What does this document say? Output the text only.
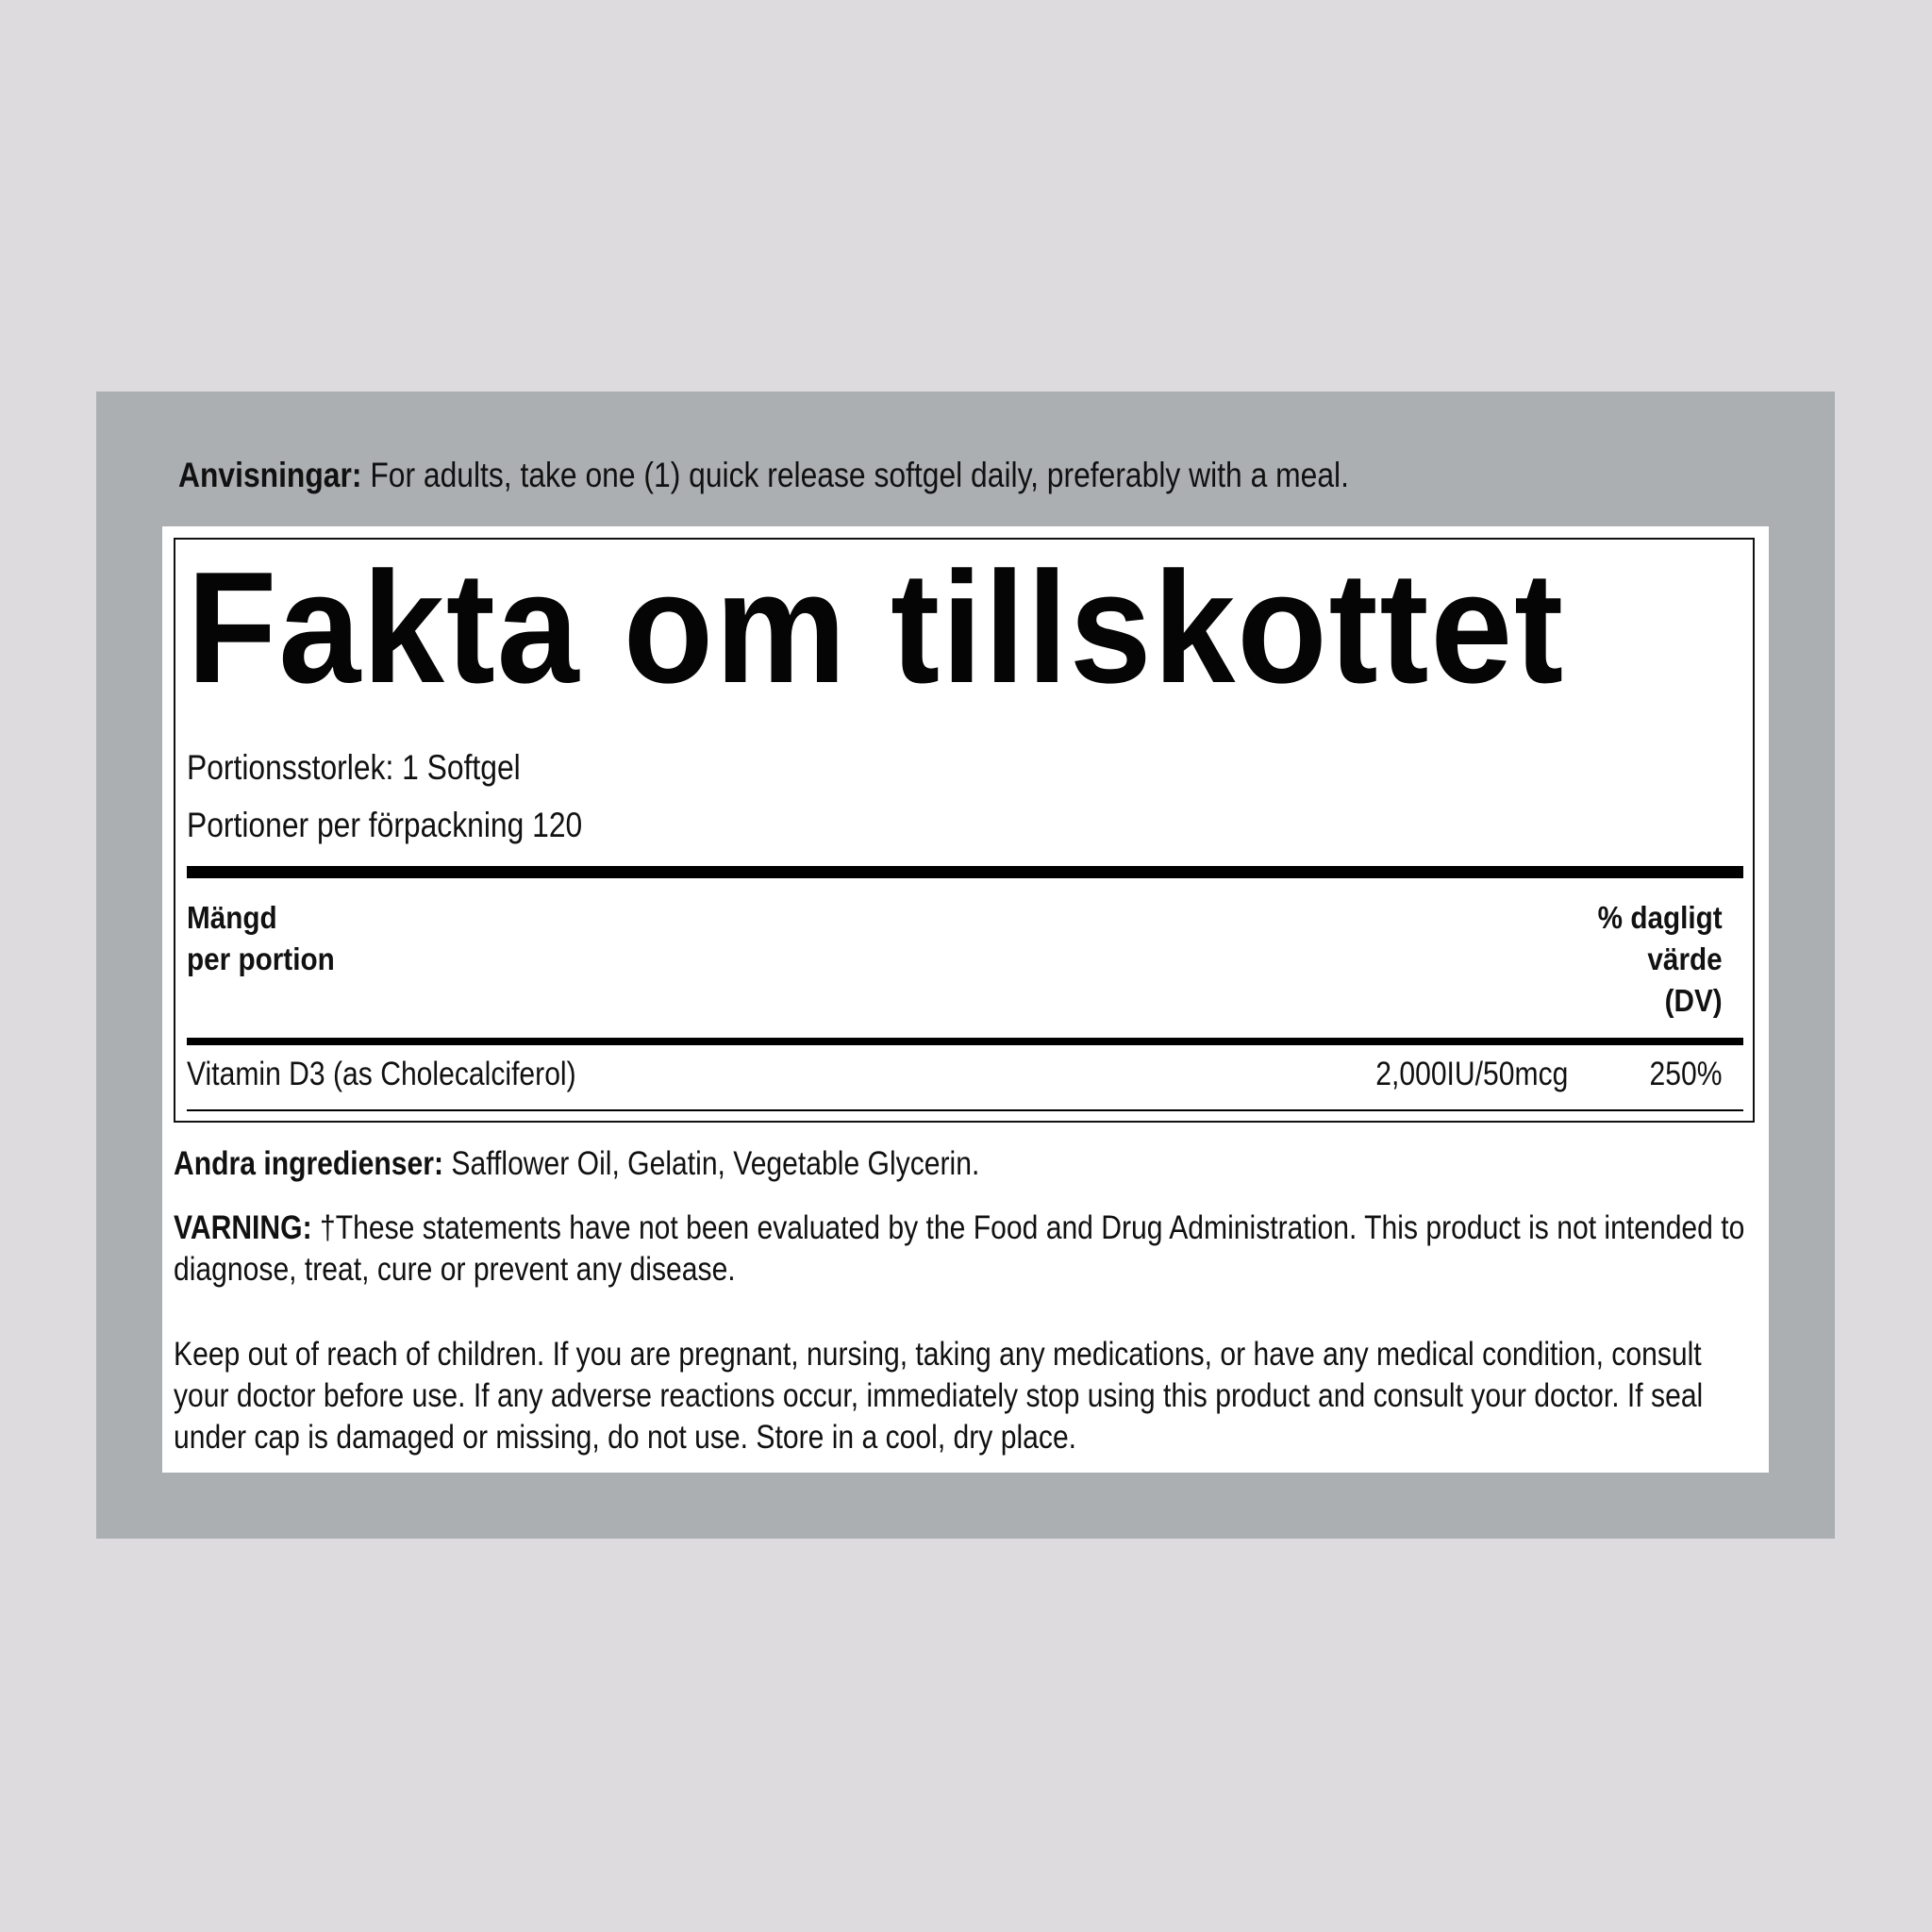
Anvisningar: For adults, take one (1) quick release softgel daily, preferably with a meal.
Fakta om tillskottet
Portionsstorlek: 1 Softgel
Portioner per förpackning 120
Mängd
per portion
% dagligt
värde
(DV)
Vitamin D3 (as Cholecalciferol)	2,000IU/50mcg 250%
Andra ingredienser: Safflower Oil, Gelatin, Vegetable Glycerin.
VARNING: †These statements have not been evaluated by the Food and Drug Administration. This product is not intended to diagnose, treat, cure or prevent any disease.
Keep out of reach of children. If you are pregnant, nursing, taking any medications, or have any medical condition, consult your doctor before use. If any adverse reactions occur, immediately stop using this product and consult your doctor. If seal under cap is damaged or missing, do not use. Store in a cool, dry place.
